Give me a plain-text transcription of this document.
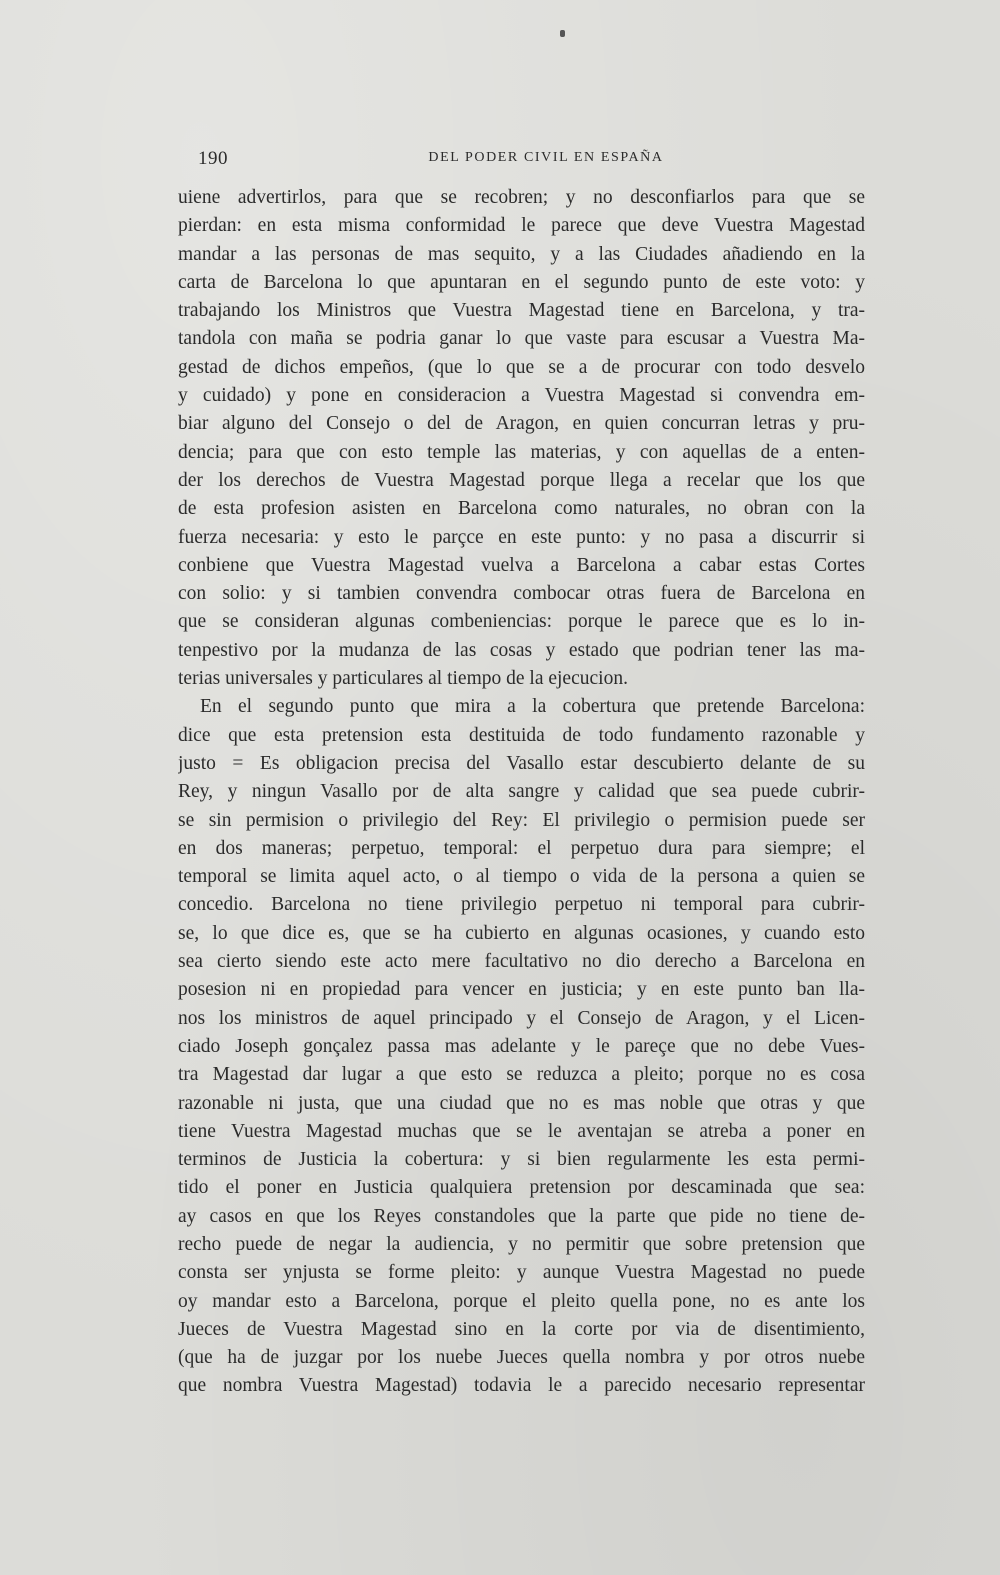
190	DEL PODER CIVIL EN ESPAÑA
uiene advertirlos, para que se recobren; y no desconfiarlos para que se
pierdan: en esta misma conformidad le parece que deve Vuestra Magestad
mandar a las personas de mas sequito, y a las Ciudades añadiendo en la
carta de Barcelona lo que apuntaran en el segundo punto de este voto: y
trabajando los Ministros que Vuestra Magestad tiene en Barcelona, y tra-
tandola con maña se podria ganar lo que vaste para escusar a Vuestra Ma-
gestad de dichos empeños, (que lo que se a de procurar con todo desvelo
y cuidado) y pone en consideracion a Vuestra Magestad si convendra em-
biar alguno del Consejo o del de Aragon, en quien concurran letras y pru-
dencia; para que con esto temple las materias, y con aquellas de a enten-
der los derechos de Vuestra Magestad porque llega a recelar que los que
de esta profesion asisten en Barcelona como naturales, no obran con la
fuerza necesaria: y esto le parçce en este punto: y no pasa a discurrir si
conbiene que Vuestra Magestad vuelva a Barcelona a cabar estas Cortes
con solio: y si tambien convendra combocar otras fuera de Barcelona en
que se consideran algunas combeniencias: porque le parece que es lo in-
tenpestivo por la mudanza de las cosas y estado que podrian tener las ma-
terias universales y particulares al tiempo de la ejecucion.
En el segundo punto que mira a la cobertura que pretende Barcelona:
dice que esta pretension esta destituida de todo fundamento razonable y
justo = Es obligacion precisa del Vasallo estar descubierto delante de su
Rey, y ningun Vasallo por de alta sangre y calidad que sea puede cubrir-
se sin permision o privilegio del Rey: El privilegio o permision puede ser
en dos maneras; perpetuo, temporal: el perpetuo dura para siempre; el
temporal se limita aquel acto, o al tiempo o vida de la persona a quien se
concedio. Barcelona no tiene privilegio perpetuo ni temporal para cubrir-
se, lo que dice es, que se ha cubierto en algunas ocasiones, y cuando esto
sea cierto siendo este acto mere facultativo no dio derecho a Barcelona en
posesion ni en propiedad para vencer en justicia; y en este punto ban lla-
nos los ministros de aquel principado y el Consejo de Aragon, y el Licen-
ciado Joseph gonçalez passa mas adelante y le pareçe que no debe Vues-
tra Magestad dar lugar a que esto se reduzca a pleito; porque no es cosa
razonable ni justa, que una ciudad que no es mas noble que otras y que
tiene Vuestra Magestad muchas que se le aventajan se atreba a poner en
terminos de Justicia la cobertura: y si bien regularmente les esta permi-
tido el poner en Justicia qualquiera pretension por descaminada que sea:
ay casos en que los Reyes constandoles que la parte que pide no tiene de-
recho puede de negar la audiencia, y no permitir que sobre pretension que
consta ser ynjusta se forme pleito: y aunque Vuestra Magestad no puede
oy mandar esto a Barcelona, porque el pleito quella pone, no es ante los
Jueces de Vuestra Magestad sino en la corte por via de disentimiento,
(que ha de juzgar por los nuebe Jueces quella nombra y por otros nuebe
que nombra Vuestra Magestad) todavia le a parecido necesario representar
